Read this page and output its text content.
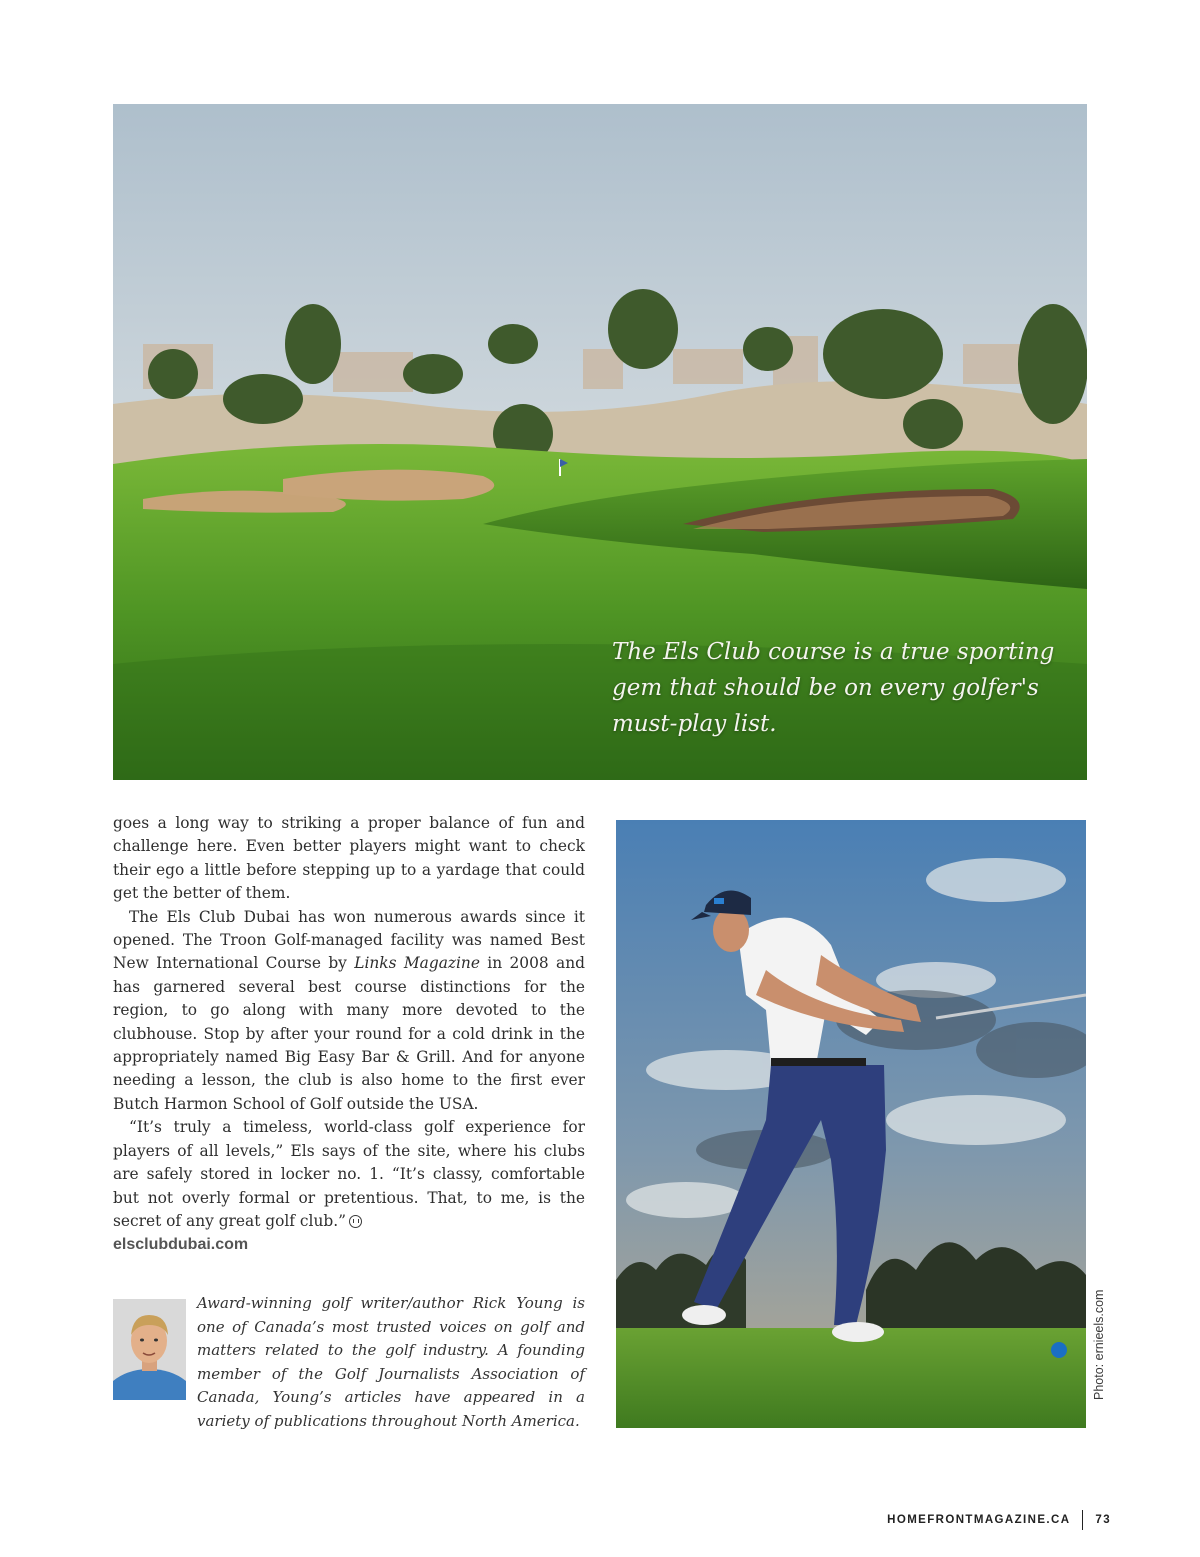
The Els Club course is a true sporting gem that should be on every golfer's must-play list.

goes a long way to striking a proper balance of fun and challenge here. Even better players might want to check their ego a little before stepping up to a yardage that could get the better of them.

The Els Club Dubai has won numerous awards since it opened. The Troon Golf-managed facility was named Best New International Course by Links Magazine in 2008 and has garnered several best course distinctions for the region, to go along with many more devoted to the clubhouse. Stop by after your round for a cold drink in the appropriately named Big Easy Bar & Grill. And for anyone needing a lesson, the club is also home to the first ever Butch Harmon School of Golf outside the USA.

“It’s truly a timeless, world-class golf experience for players of all levels,” Els says of the site, where his clubs are safely stored in locker no. 1. “It’s classy, comfortable but not overly formal or pretentious. That, to me, is the secret of any great golf club.”

elsclubdubai.com

Award-winning golf writer/author Rick Young is one of Canada’s most trusted voices on golf and matters related to the golf industry. A founding member of the Golf Journalists Association of Canada, Young’s articles have appeared in a variety of publications throughout North America.

Photo: ernieels.com
HOMEFRONTMAGAZINE.CA 73
